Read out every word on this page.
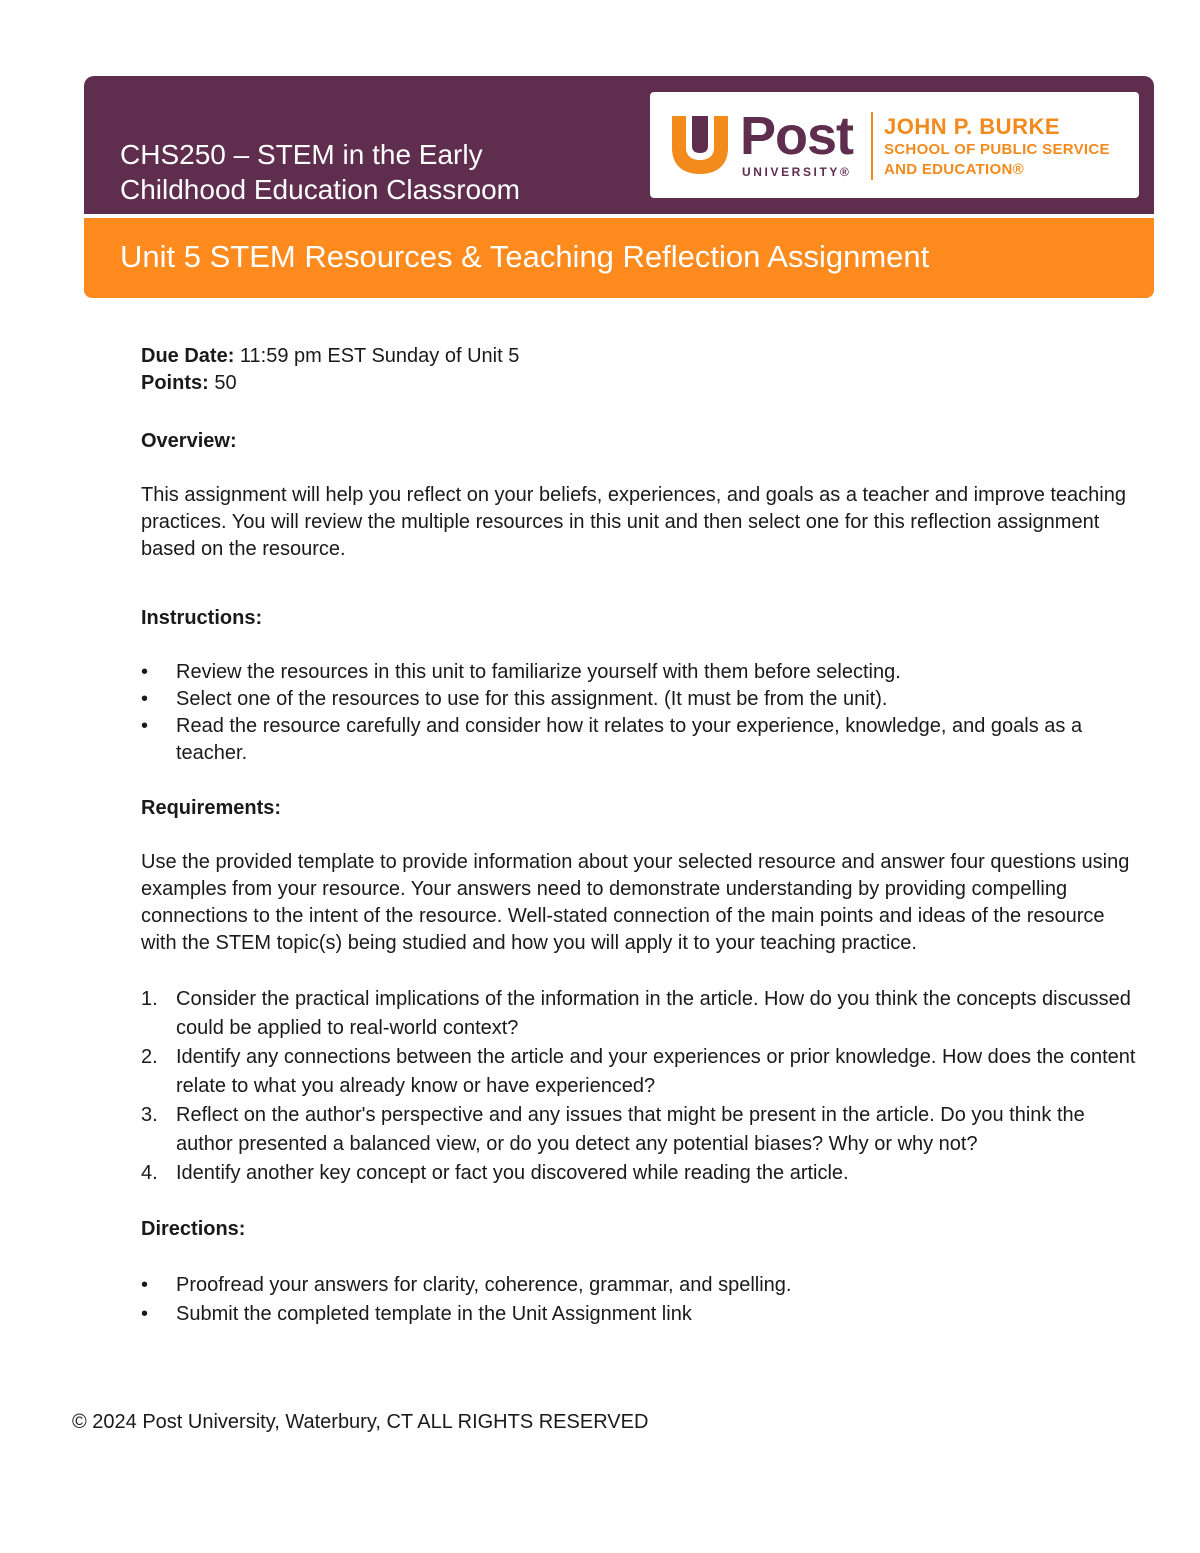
CHS250 – STEM in the Early
Childhood Education Classroom
Post
UNIVERSITY®
JOHN P. BURKE
SCHOOL OF PUBLIC SERVICE
AND EDUCATION®
Unit 5 STEM Resources & Teaching Reflection Assignment

Due Date: 11:59 pm EST Sunday of Unit 5

Points: 50

Overview:

This assignment will help you reflect on your beliefs, experiences, and goals as a teacher and improve teaching practices. You will review the multiple resources in this unit and then select one for this reflection assignment based on the resource.

Instructions:

• Review the resources in this unit to familiarize yourself with them before selecting.
• Select one of the resources to use for this assignment. (It must be from the unit).
• Read the resource carefully and consider how it relates to your experience, knowledge, and goals as a teacher.

Requirements:

Use the provided template to provide information about your selected resource and answer four questions using examples from your resource. Your answers need to demonstrate understanding by providing compelling connections to the intent of the resource. Well-stated connection of the main points and ideas of the resource with the STEM topic(s) being studied and how you will apply it to your teaching practice.

1. Consider the practical implications of the information in the article. How do you think the concepts discussed could be applied to real-world context?
2. Identify any connections between the article and your experiences or prior knowledge. How does the content relate to what you already know or have experienced?
3. Reflect on the author's perspective and any issues that might be present in the article. Do you think the author presented a balanced view, or do you detect any potential biases? Why or why not?
4. Identify another key concept or fact you discovered while reading the article.

Directions:

• Proofread your answers for clarity, coherence, grammar, and spelling.
• Submit the completed template in the Unit Assignment link
© 2024 Post University, Waterbury, CT ALL RIGHTS RESERVED
